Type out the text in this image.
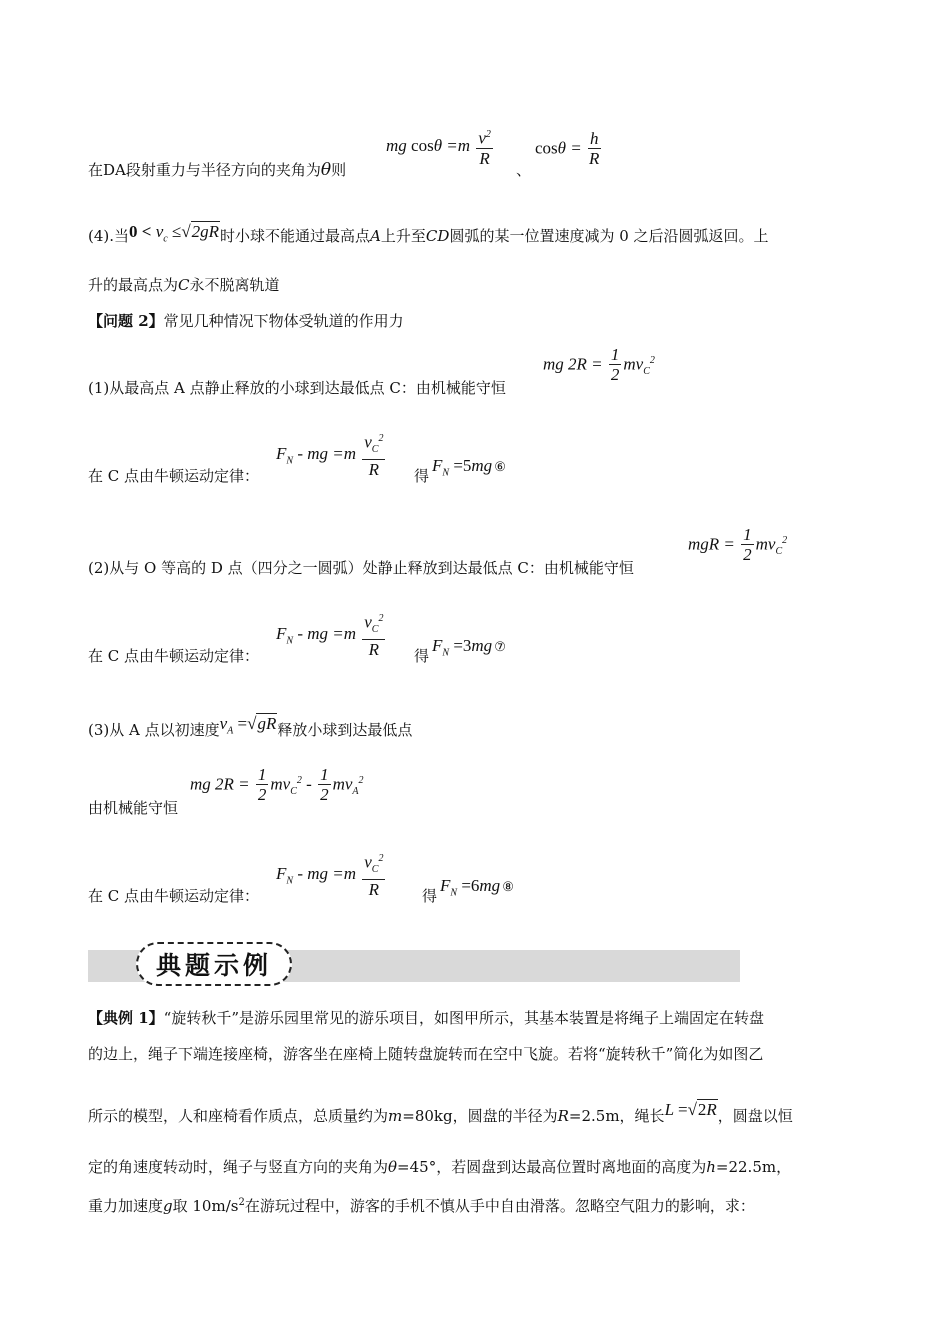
在DA段射重力与半径方向的夹角为θ则
mg $\cos\theta =m \frac{v^2}{R}$
、
$\cos\theta = \frac{h}{R}$
(4).当$0 < v_c \le√2gR$时小球不能通过最高点A上升至CD圆弧的某一位置速度减为 0 之后沿圆弧返回。上
升的最高点为C永不脱离轨道
【问题 2】常见几种情况下物体受轨道的作用力
(1)从最高点 A 点静止释放的小球到达最低点 C：由机械能守恒
mg $2R = \frac{1}{2} mv_C^2$
在 C 点由牛顿运动定律：
$F_N$ - mg $=m \frac{v_C^2}{R}$ 得
$F_N =5mg$ ⑥
(2)从与 O 等高的 D 点（四分之一圆弧）处静止释放到达最低点 C：由机械能守恒
mgR = $\frac{1}{2} mv_C^2$
在 C 点由牛顿运动定律：
$F_N$ - mg $=m \frac{v_C^2}{R}$ 得
$F_N =3mg$ ⑦
(3)从 A 点以初速度$v_A =√gR$释放小球到达最低点
由机械能守恒
mg $2R = \frac{1}{2} mv_C^2 - \frac{1}{2} mv_A^2$
在 C 点由牛顿运动定律：
$F_N$ - mg $=m \frac{v_C^2}{R}$ 得
$F_N =6mg$ ⑧
典题示例
【典例 1】“旋转秋千”是游乐园里常见的游乐项目，如图甲所示，其基本装置是将绳子上端固定在转盘
的边上，绳子下端连接座椅，游客坐在座椅上随转盘旋转而在空中飞旋。若将“旋转秋千”简化为如图乙
所示的模型，人和座椅看作质点，总质量约为m=80kg，圆盘的半径为R=2.5m，绳长L =√2R，圆盘以恒
定的角速度转动时，绳子与竖直方向的夹角为θ=45°，若圆盘到达最高位置时离地面的高度为h=22.5m，
重力加速度g取 $10m/s^2$在游玩过程中，游客的手机不慎从手中自由滑落。忽略空气阻力的影响，求：
